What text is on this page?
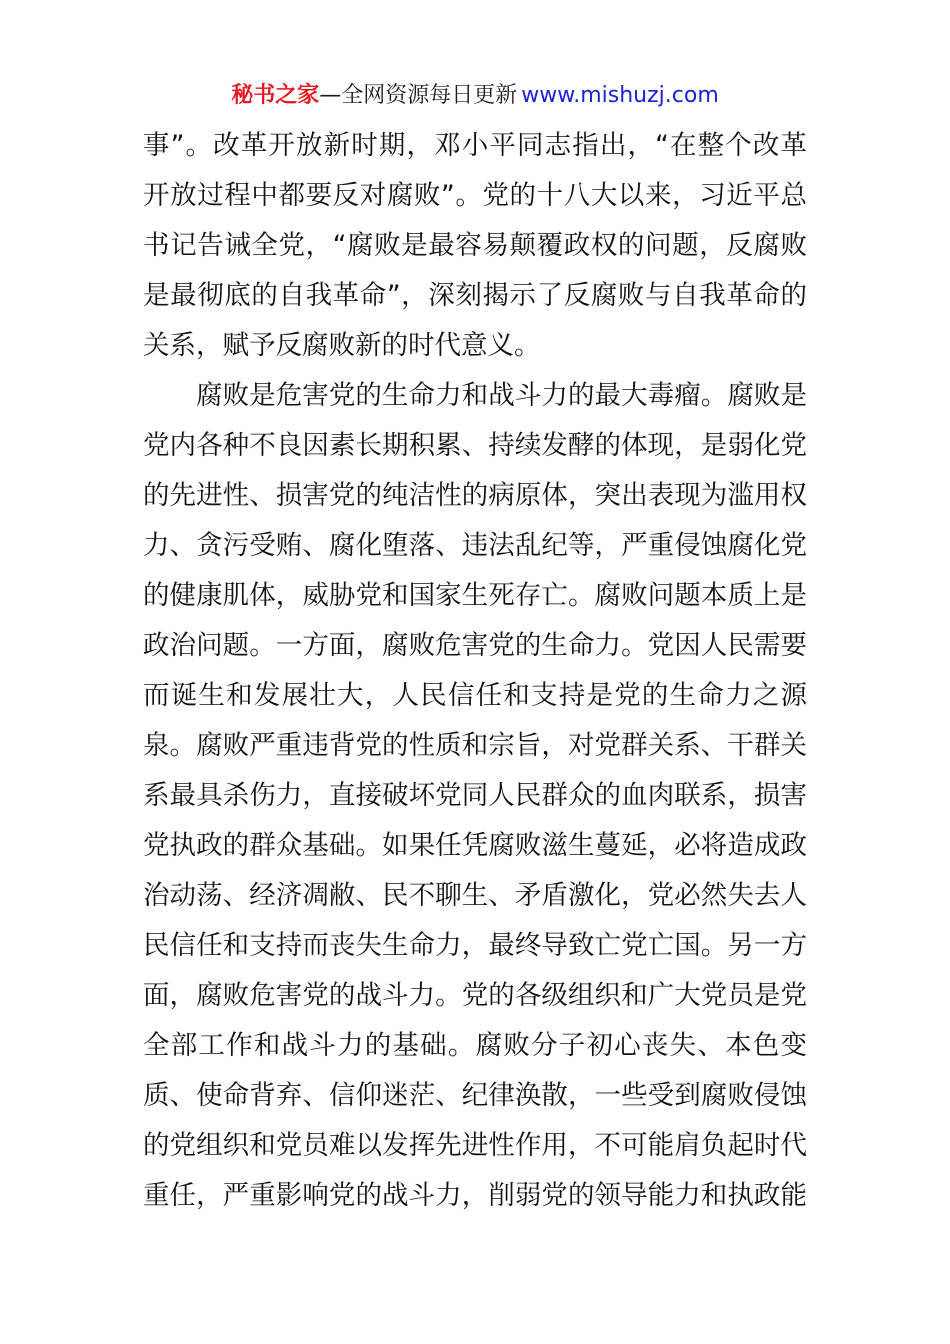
秘书之家—全网资源每日更新 www.mishuzj.com
事”。改革开放新时期，邓小平同志指出，“在整个改革
开放过程中都要反对腐败”。党的十八大以来，习近平总
书记告诫全党，“腐败是最容易颠覆政权的问题，反腐败
是最彻底的自我革命”，深刻揭示了反腐败与自我革命的
关系，赋予反腐败新的时代意义。
腐败是危害党的生命力和战斗力的最大毒瘤。腐败是
党内各种不良因素长期积累、持续发酵的体现，是弱化党
的先进性、损害党的纯洁性的病原体，突出表现为滥用权
力、贪污受贿、腐化堕落、违法乱纪等，严重侵蚀腐化党
的健康肌体，威胁党和国家生死存亡。腐败问题本质上是
政治问题。一方面，腐败危害党的生命力。党因人民需要
而诞生和发展壮大，人民信任和支持是党的生命力之源
泉。腐败严重违背党的性质和宗旨，对党群关系、干群关
系最具杀伤力，直接破坏党同人民群众的血肉联系，损害
党执政的群众基础。如果任凭腐败滋生蔓延，必将造成政
治动荡、经济凋敝、民不聊生、矛盾激化，党必然失去人
民信任和支持而丧失生命力，最终导致亡党亡国。另一方
面，腐败危害党的战斗力。党的各级组织和广大党员是党
全部工作和战斗力的基础。腐败分子初心丧失、本色变
质、使命背弃、信仰迷茫、纪律涣散，一些受到腐败侵蚀
的党组织和党员难以发挥先进性作用，不可能肩负起时代
重任，严重影响党的战斗力，削弱党的领导能力和执政能
